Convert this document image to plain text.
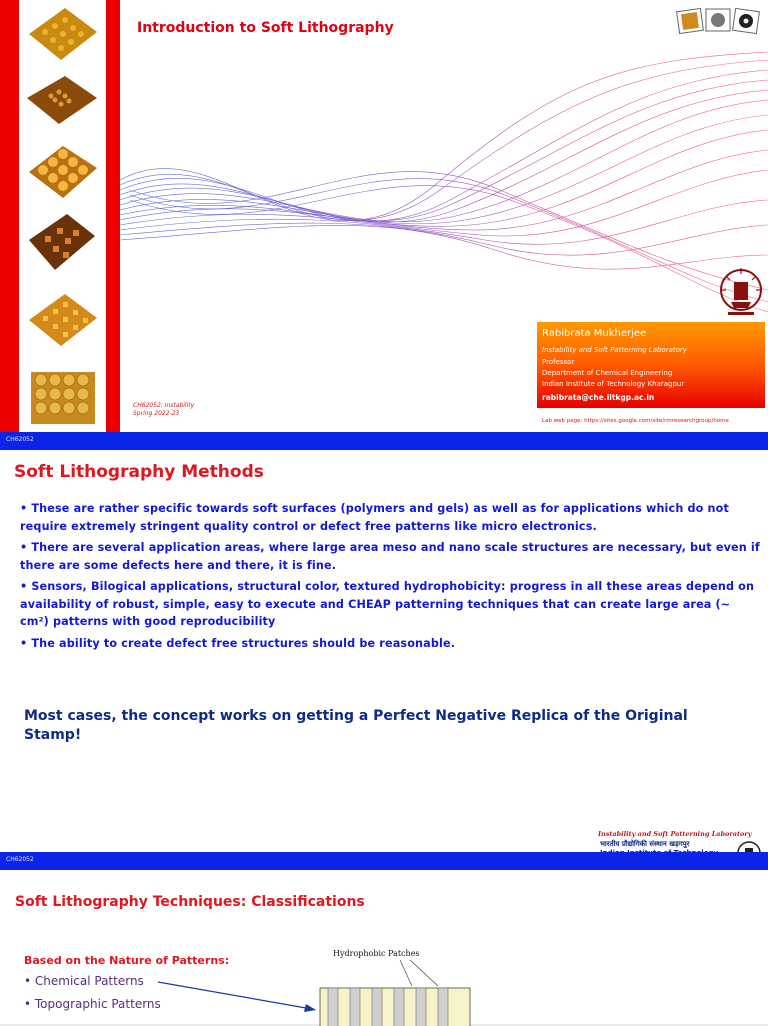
Introduction to Soft Lithography
Rabibrata Mukherjee
Instability and Soft Patterning Laboratory
Professor
Department of Chemical Engineering
Indian Institute of Technology Kharagpur
rabibrata@che.iitkgp.ac.in
CH62052: Instability
Spring 2022-23
Lab web page: https://sites.google.com/site/rmresearchgroup/home
CH62052
Soft Lithography Methods
• These are rather specific towards soft surfaces (polymers and gels) as well as for applications which do not require extremely stringent quality control or defect free patterns like micro electronics.
• There are several application areas, where large area meso and nano scale structures are necessary, but even if there are some defects here and there, it is fine.
• Sensors, Bilogical applications, structural color, textured hydrophobicity: progress in all these areas depend on availability of robust, simple, easy to execute and CHEAP patterning techniques that can create large area (~ cm²) patterns with good reproducibility
• The ability to create defect free structures should be reasonable.
Most cases, the concept works on getting a Perfect Negative Replica of the Original Stamp!
Instability and Soft Patterning Laboratory
भारतीय प्रौद्योगिकी संस्थान खड़गपुर
CH62052
Soft Lithography Techniques: Classifications
Based on the Nature of Patterns:
• Chemical Patterns
• Topographic Patterns
Hydrophobic Patches
